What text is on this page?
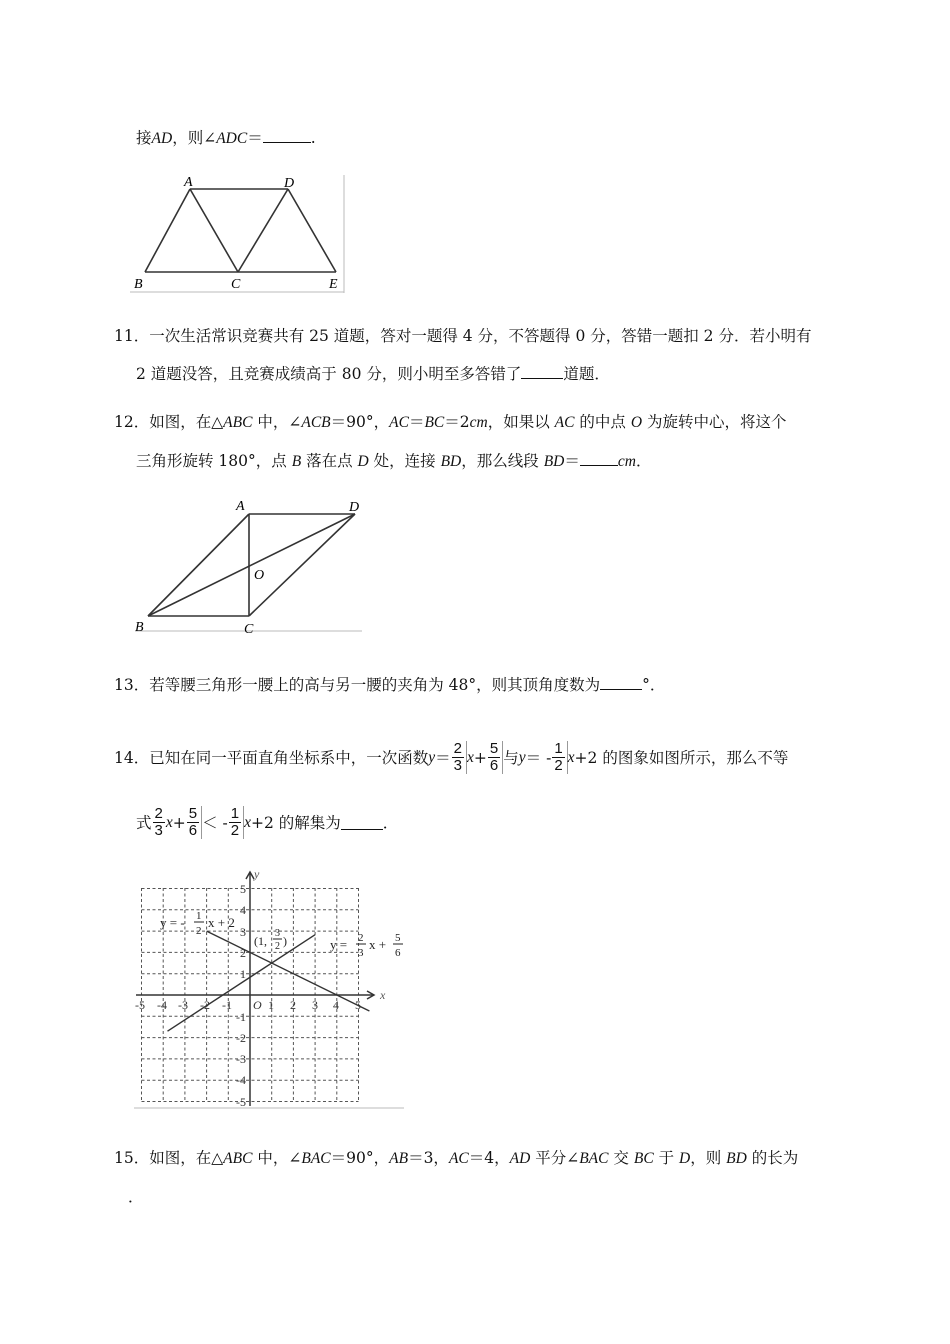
接AD，则∠ADC＝	.
A	D
B	C	E
11．一次生活常识竞赛共有 25 道题，答对一题得 4 分，不答题得 0 分，答错一题扣 2 分．若小明有
2 道题没答，且竞赛成绩高于 80 分，则小明至多答错了	道题．
12．如图，在△ABC 中，∠ACB＝90°，AC＝BC＝2cm，如果以 AC 的中点 O 为旋转中心，将这个
三角形旋转 180°，点 B 落在点 D 处，连接 BD，那么线段 BD＝ cm．
A	D
O
B	C
13．若等腰三角形一腰上的高与另一腰的夹角为 48°，则其顶角度数为	°．
14． 已知在同一平面直角坐标系中，一次函数 $y = \frac{2}{3}$ $x + \frac{5}{6}$ 与 y ＝ - $\frac{1}{2}$ x +2 的图象如图所示，那么不等
式 $\frac{2}{3}$ $x + \frac{5}{6}$ ＜ - $\frac{1}{2}$ x +2 的解集为	．
-5 -4 -3 -2 -1 O 1 2 3 4 5
5
4
3
2
1
-1
-2
-3
-4
-5
y
x
y = - 1
2
x + 2
(1,
3
2 )	y = 2
3
x + 5
6
15．如图，在△ABC 中，∠BAC＝90°，AB＝3，AC＝4，AD 平分∠BAC 交 BC 于 D，则 BD 的长为
．
